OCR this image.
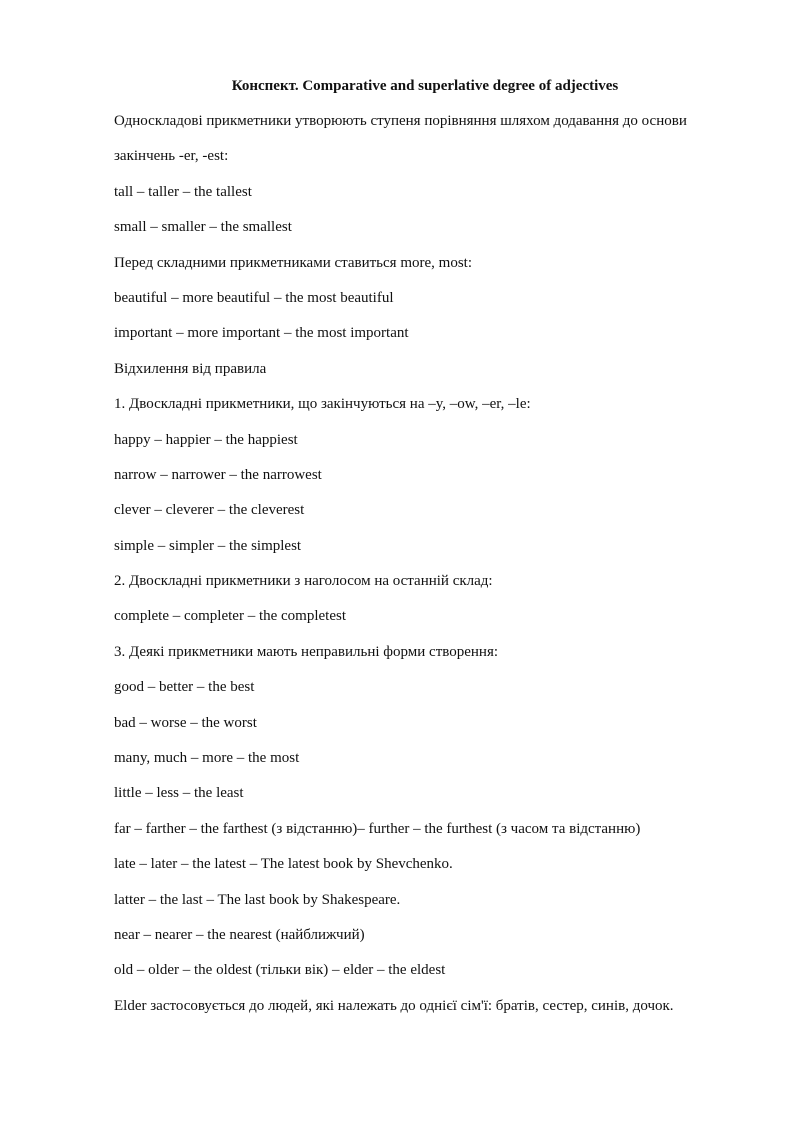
Конспект. Comparative and superlative degree of adjectives
Односкладові прикметники утворюють ступеня порівняння шляхом додавання до основи
закінчень -er, -est:
tall – taller – the tallest
small – smaller – the smallest
Перед складними прикметниками ставиться more, most:
beautiful – more beautiful – the most beautiful
important – more important – the most important
Відхилення від правила
1. Двоскладні прикметники, що закінчуються на –y, –ow, –er, –le:
happy – happier – the happiest
narrow – narrower – the narrowest
clever – cleverer – the cleverest
simple – simpler – the simplest
2. Двоскладні прикметники з наголосом на останній склад:
complete – completer – the completest
3. Деякі прикметники мають неправильні форми створення:
good – better – the best
bad – worse – the worst
many, much – more – the most
little – less – the least
far – farther – the farthest (з відстанню)– further – the furthest (з часом та відстанню)
late – later – the latest – The latest book by Shevchenko.
latter – the last – The last book by Shakespeare.
near – nearer – the nearest (найближчий)
old – older – the oldest (тільки вік) – elder – the eldest
Elder застосовується до людей, які належать до однієї сім'ї: братів, сестер, синів, дочок.
